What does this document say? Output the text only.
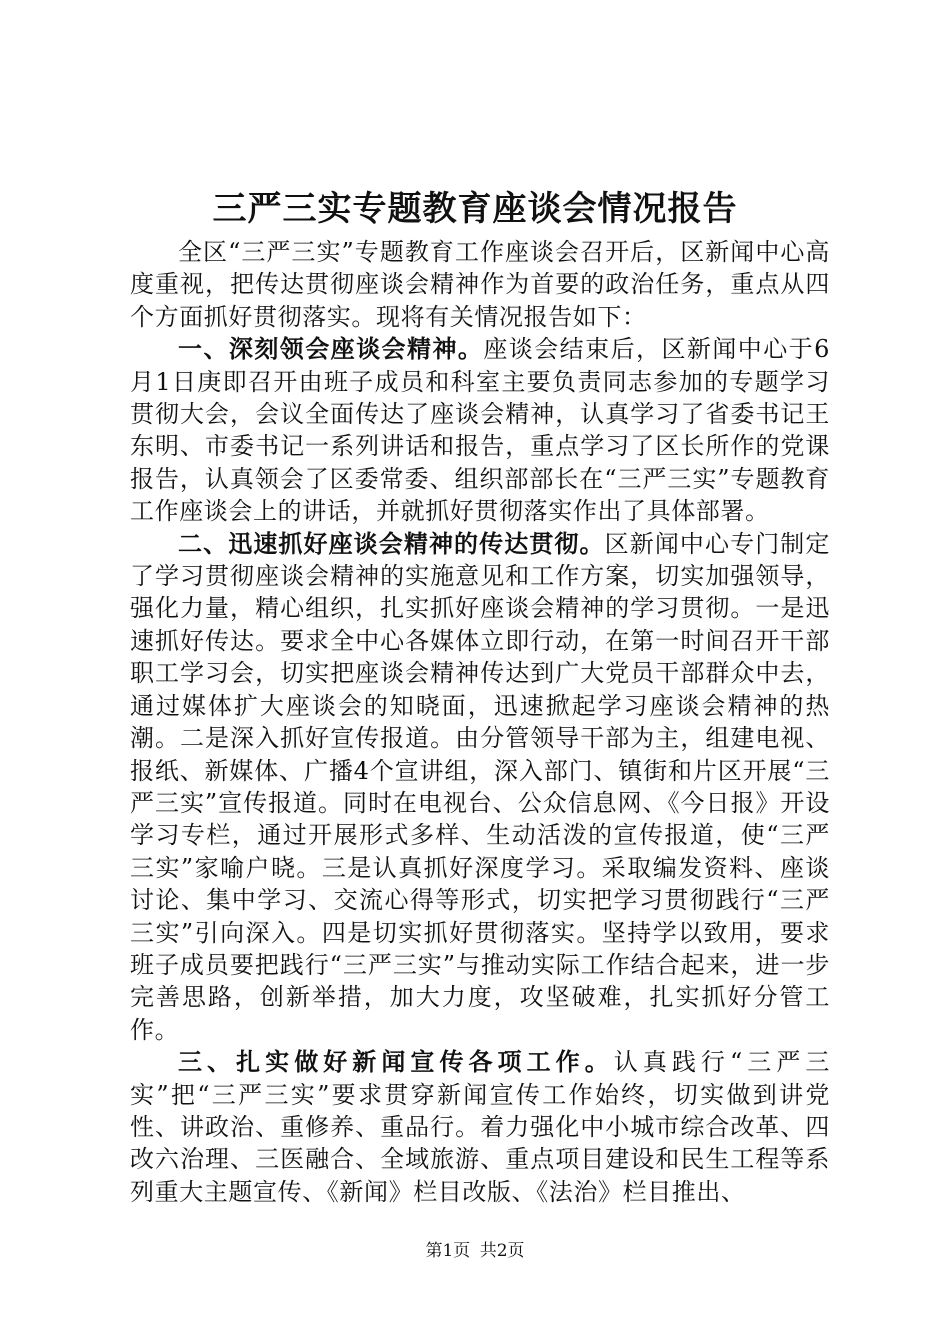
三严三实专题教育座谈会情况报告

全区“三严三实”专题教育工作座谈会召开后，区新闻中心高度重视，把传达贯彻座谈会精神作为首要的政治任务，重点从四个方面抓好贯彻落实。现将有关情况报告如下：

一、深刻领会座谈会精神。座谈会结束后，区新闻中心于6月1日庚即召开由班子成员和科室主要负责同志参加的专题学习贯彻大会，会议全面传达了座谈会精神，认真学习了省委书记王东明、市委书记一系列讲话和报告，重点学习了区长所作的党课报告，认真领会了区委常委、组织部部长在“三严三实”专题教育工作座谈会上的讲话，并就抓好贯彻落实作出了具体部署。

二、迅速抓好座谈会精神的传达贯彻。区新闻中心专门制定了学习贯彻座谈会精神的实施意见和工作方案，切实加强领导，强化力量，精心组织，扎实抓好座谈会精神的学习贯彻。一是迅速抓好传达。要求全中心各媒体立即行动，在第一时间召开干部职工学习会，切实把座谈会精神传达到广大党员干部群众中去，通过媒体扩大座谈会的知晓面，迅速掀起学习座谈会精神的热潮。二是深入抓好宣传报道。由分管领导干部为主，组建电视、报纸、新媒体、广播4个宣讲组，深入部门、镇街和片区开展“三严三实”宣传报道。同时在电视台、公众信息网、《今日报》开设学习专栏，通过开展形式多样、生动活泼的宣传报道，使“三严三实”家喻户晓。三是认真抓好深度学习。采取编发资料、座谈讨论、集中学习、交流心得等形式，切实把学习贯彻践行“三严三实”引向深入。四是切实抓好贯彻落实。坚持学以致用，要求班子成员要把践行“三严三实”与推动实际工作结合起来，进一步完善思路，创新举措，加大力度，攻坚破难，扎实抓好分管工作。

三、扎实做好新闻宣传各项工作。认真践行“三严三实”把“三严三实”要求贯穿新闻宣传工作始终，切实做到讲党性、讲政治、重修养、重品行。着力强化中小城市综合改革、四改六治理、三医融合、全域旅游、重点项目建设和民生工程等系列重大主题宣传、《新闻》栏目改版、《法治》栏目推出、

第1页 共2页
